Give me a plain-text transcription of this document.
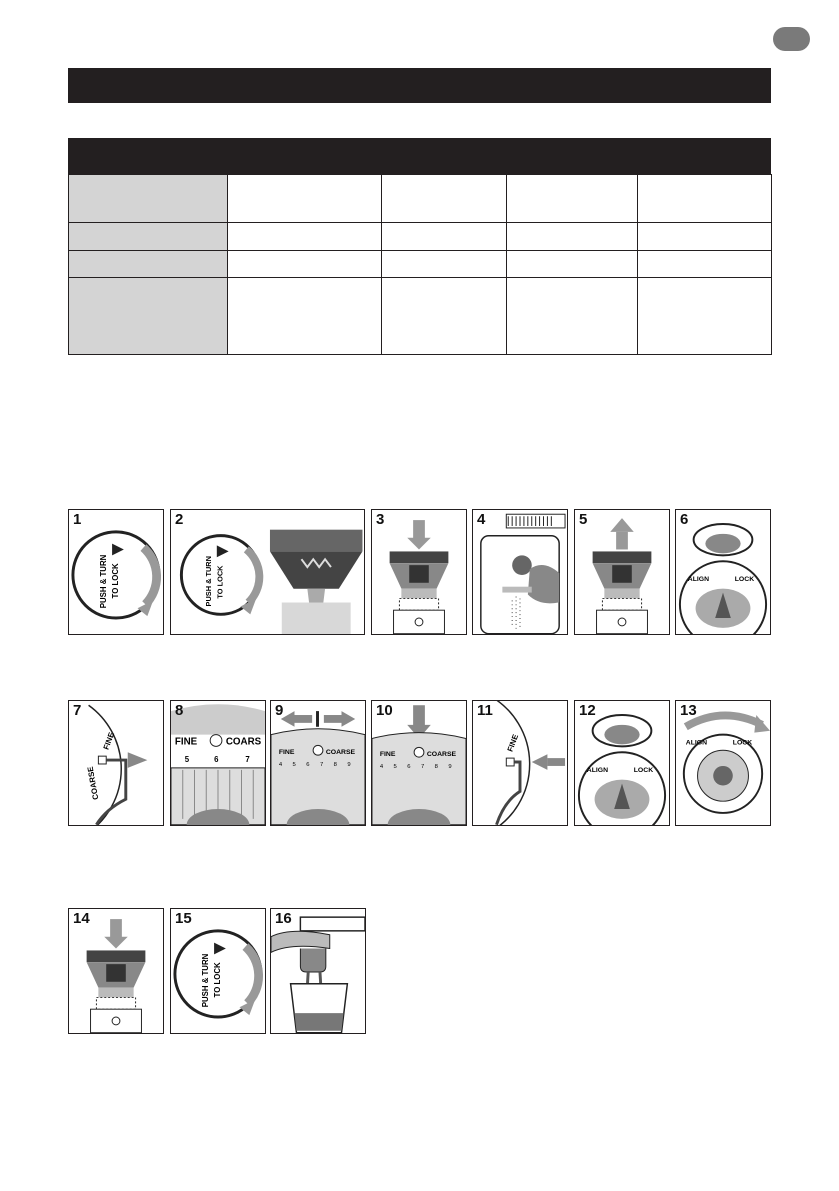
1
PUSH & TURN TO LOCK
2
PUSH & TURN TO LOCK
3	4	5	6
ALIGN	LOCK
7
FINE
COARSE
8
FINE	COARS
5	6	7
9
FINE	COARSE
4 5 6 7 8 9
10
FINE	COARSE
4 5 6 7 8 9
11
FINE
12
ALIGN	LOCK
13
ALIGN	LOCK
14	15
PUSH & TURN TO LOCK
16
